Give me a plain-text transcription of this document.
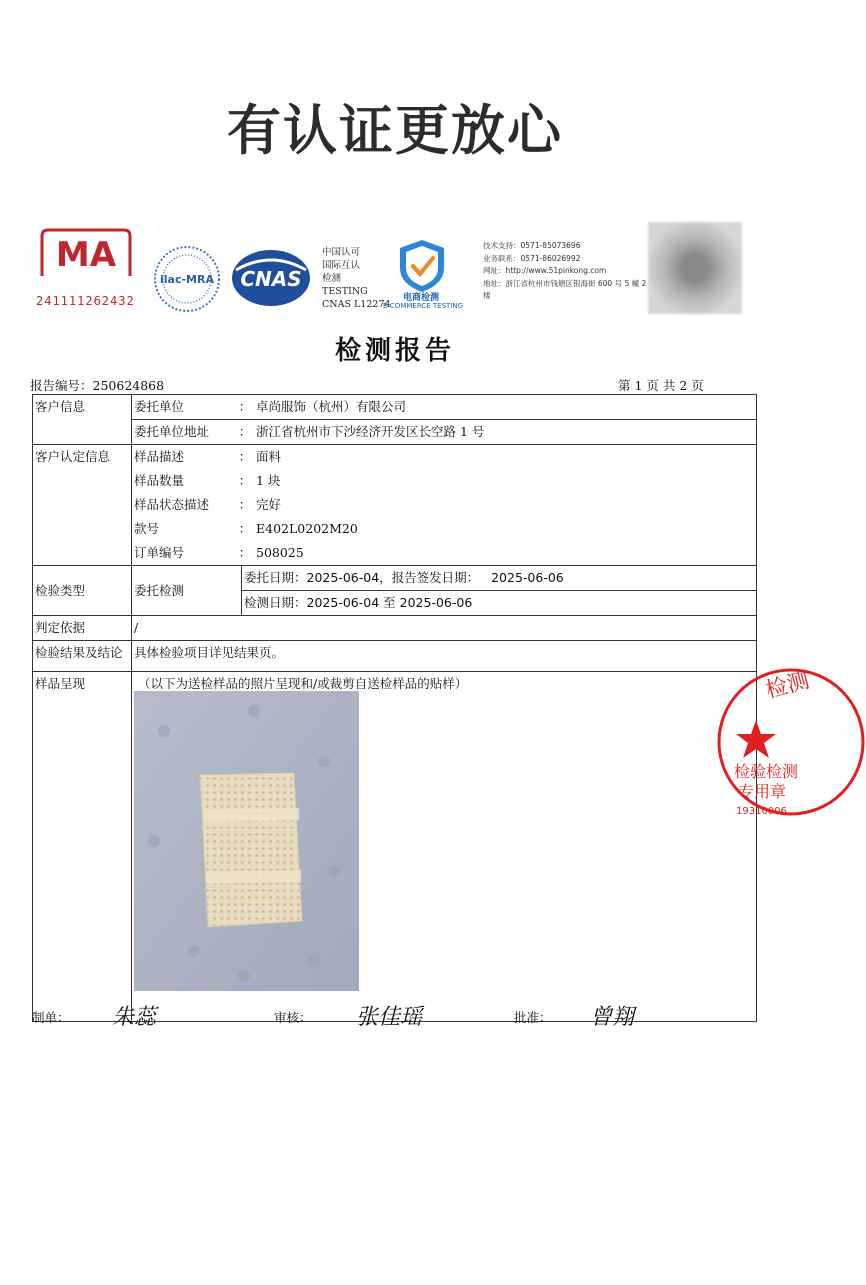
有认证更放心
MA
241111262432
ilac-MRA CNAS
中国认可
国际互认
检测
TESTING
CNAS L12274
电商检测
E-COMMERCE TESTING
技术支持：0571-85073696
业务联系：0571-86026992
网址：http://www.51pinkong.com
地址：浙江省杭州市钱塘区银海街 600 号 5 幢 2 楼
检测报告
报告编号：250624868	第 1 页 共 2 页
客户信息		委托单位	：	卓尚服饰（杭州）有限公司

委托单位地址	：	浙江省杭州市下沙经济开发区长空路 1 号

客户认定信息	样品描述	：	面料
样品数量	：	1 块
样品状态描述	：	完好
款号	：	E402L0202M20
订单编号	：	508025

检验类型	委托检测	
委托日期：2025-06-04，报告签发日期： 2025-06-06
检测日期：2025-06-04 至 2025-06-06

判定依据	/
检验结果及结论	具体检验项目详见结果页。
样品呈现	（以下为送检样品的照片呈现和/或裁剪自送检样品的贴样）	检测
检验检测
专用章
19310006
制单： 朱蕊	审核： 张佳瑶	批准： 曾翔
